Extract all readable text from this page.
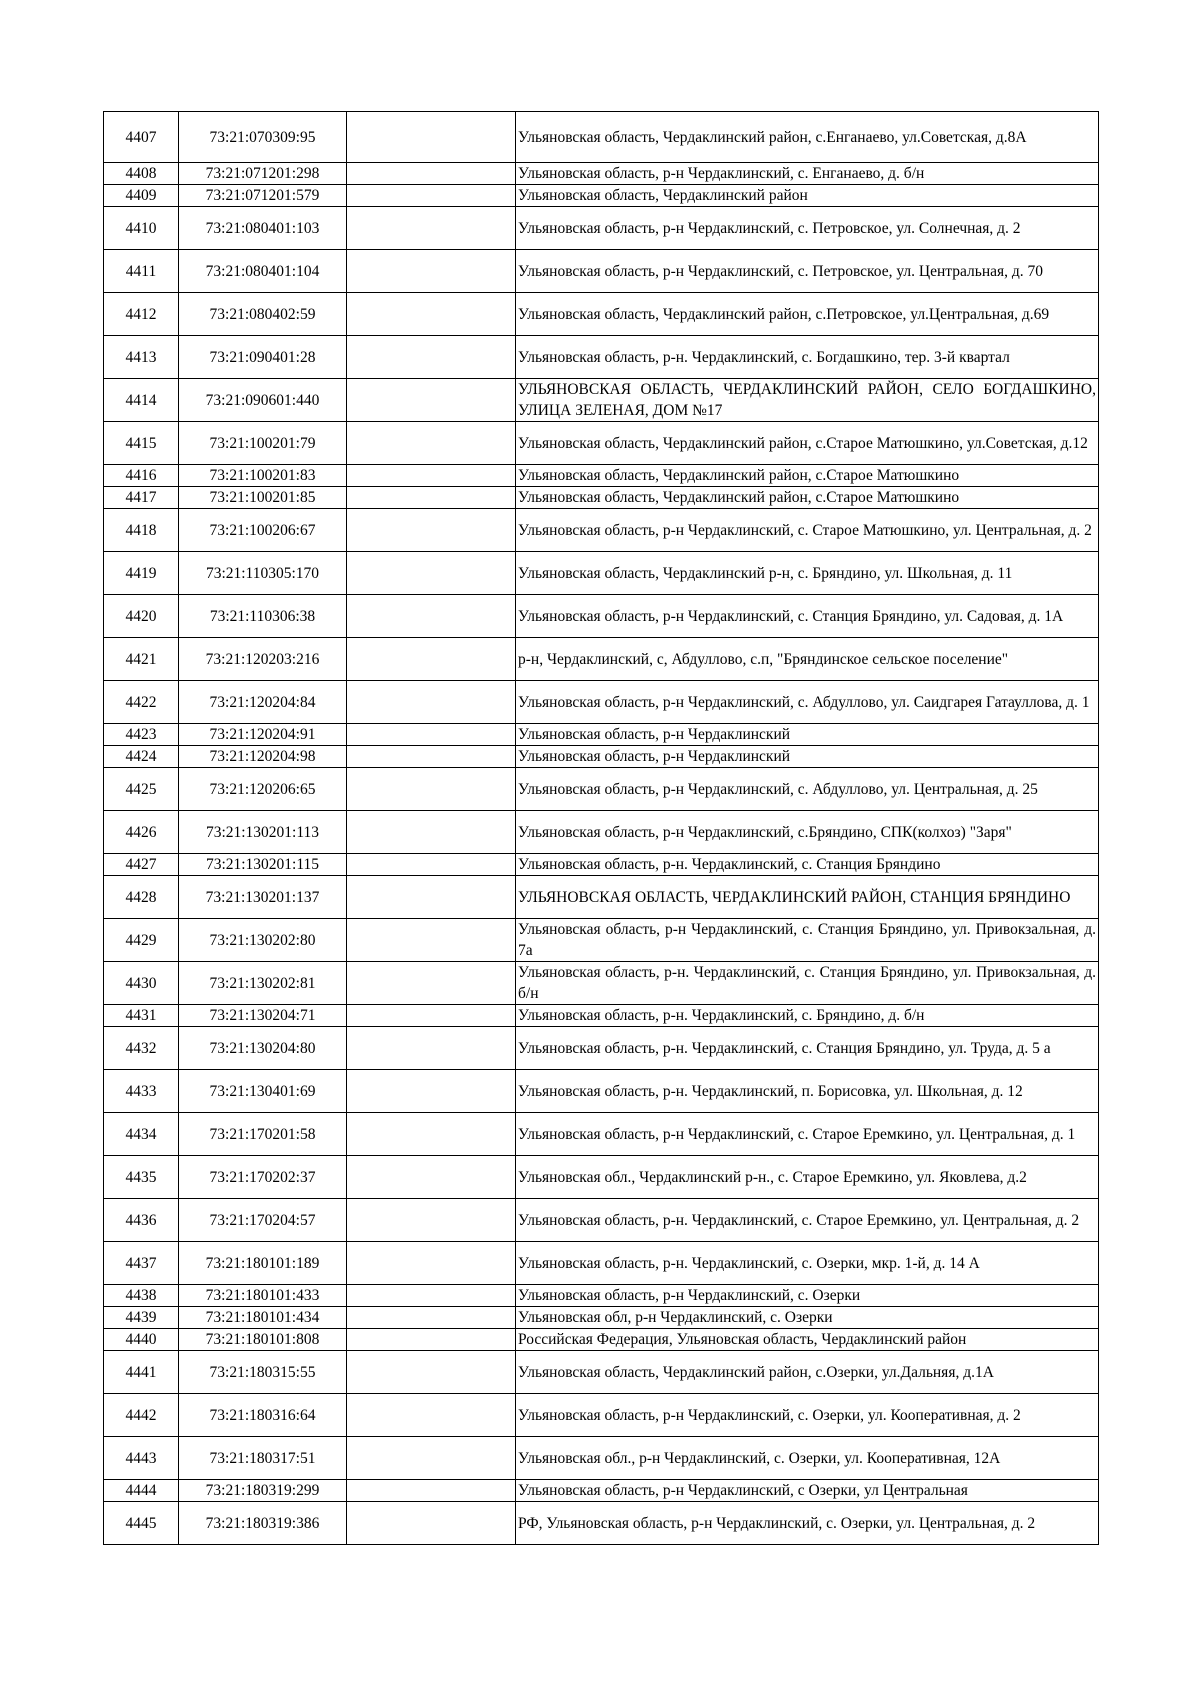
4407	73:21:070309:95		Ульяновская область, Чердаклинский район, с.Енганаево, ул.Советская, д.8А
4408	73:21:071201:298		Ульяновская область, р-н Чердаклинский, с. Енганаево, д. б/н
4409	73:21:071201:579		Ульяновская область, Чердаклинский район
4410	73:21:080401:103		Ульяновская область, р-н Чердаклинский, с. Петровское, ул. Солнечная, д. 2
4411	73:21:080401:104		Ульяновская область, р-н Чердаклинский, с. Петровское, ул. Центральная, д. 70
4412	73:21:080402:59		Ульяновская область, Чердаклинский район, с.Петровское, ул.Центральная, д.69
4413	73:21:090401:28		Ульяновская область, р-н. Чердаклинский, с. Богдашкино, тер. 3-й квартал
4414	73:21:090601:440		УЛЬЯНОВСКАЯ ОБЛАСТЬ, ЧЕРДАКЛИНСКИЙ РАЙОН, СЕЛО БОГДАШКИНО, УЛИЦА ЗЕЛЕНАЯ, ДОМ №17
4415	73:21:100201:79		Ульяновская область, Чердаклинский район, с.Старое Матюшкино, ул.Советская, д.12
4416	73:21:100201:83		Ульяновская область, Чердаклинский район, с.Старое Матюшкино
4417	73:21:100201:85		Ульяновская область, Чердаклинский район, с.Старое Матюшкино
4418	73:21:100206:67		Ульяновская область, р-н Чердаклинский, с. Старое Матюшкино, ул. Центральная, д. 2
4419	73:21:110305:170		Ульяновская область, Чердаклинский р-н, с. Бряндино, ул. Школьная, д. 11
4420	73:21:110306:38		Ульяновская область, р-н Чердаклинский, с. Станция Бряндино, ул. Садовая, д. 1А
4421	73:21:120203:216		р-н, Чердаклинский, с, Абдуллово, с.п, "Бряндинское сельское поселение"
4422	73:21:120204:84		Ульяновская область, р-н Чердаклинский, с. Абдуллово, ул. Саидгарея Гатауллова, д. 1
4423	73:21:120204:91		Ульяновская область, р-н Чердаклинский
4424	73:21:120204:98		Ульяновская область, р-н Чердаклинский
4425	73:21:120206:65		Ульяновская область, р-н Чердаклинский, с. Абдуллово, ул. Центральная, д. 25
4426	73:21:130201:113		Ульяновская область, р-н Чердаклинский, с.Бряндино, СПК(колхоз) "Заря"
4427	73:21:130201:115		Ульяновская область, р-н. Чердаклинский, с. Станция Бряндино
4428	73:21:130201:137		УЛЬЯНОВСКАЯ ОБЛАСТЬ, ЧЕРДАКЛИНСКИЙ РАЙОН, СТАНЦИЯ БРЯНДИНО
4429	73:21:130202:80		Ульяновская область, р-н Чердаклинский, с. Станция Бряндино, ул. Привокзальная, д. 7а
4430	73:21:130202:81		Ульяновская область, р-н. Чердаклинский, с. Станция Бряндино, ул. Привокзальная, д. б/н
4431	73:21:130204:71		Ульяновская область, р-н. Чердаклинский, с. Бряндино, д. б/н
4432	73:21:130204:80		Ульяновская область, р-н. Чердаклинский, с. Станция Бряндино, ул. Труда, д. 5 а
4433	73:21:130401:69		Ульяновская область, р-н. Чердаклинский, п. Борисовка, ул. Школьная, д. 12
4434	73:21:170201:58		Ульяновская область, р-н Чердаклинский, с. Старое Еремкино, ул. Центральная, д. 1
4435	73:21:170202:37		Ульяновская обл., Чердаклинский р-н., с. Старое Еремкино, ул. Яковлева, д.2
4436	73:21:170204:57		Ульяновская область, р-н. Чердаклинский, с. Старое Еремкино, ул. Центральная, д. 2
4437	73:21:180101:189		Ульяновская область, р-н. Чердаклинский, с. Озерки, мкр. 1-й, д. 14 А
4438	73:21:180101:433		Ульяновская область, р-н Чердаклинский, с. Озерки
4439	73:21:180101:434		Ульяновская обл, р-н Чердаклинский, с. Озерки
4440	73:21:180101:808		Российская Федерация, Ульяновская область, Чердаклинский район
4441	73:21:180315:55		Ульяновская область, Чердаклинский район, с.Озерки, ул.Дальняя, д.1А
4442	73:21:180316:64		Ульяновская область, р-н Чердаклинский, с. Озерки, ул. Кооперативная, д. 2
4443	73:21:180317:51		Ульяновская обл., р-н Чердаклинский, с. Озерки, ул. Кооперативная, 12А
4444	73:21:180319:299		Ульяновская область, р-н Чердаклинский, с Озерки, ул Центральная
4445	73:21:180319:386		РФ, Ульяновская область, р-н Чердаклинский, с. Озерки, ул. Центральная, д. 2
